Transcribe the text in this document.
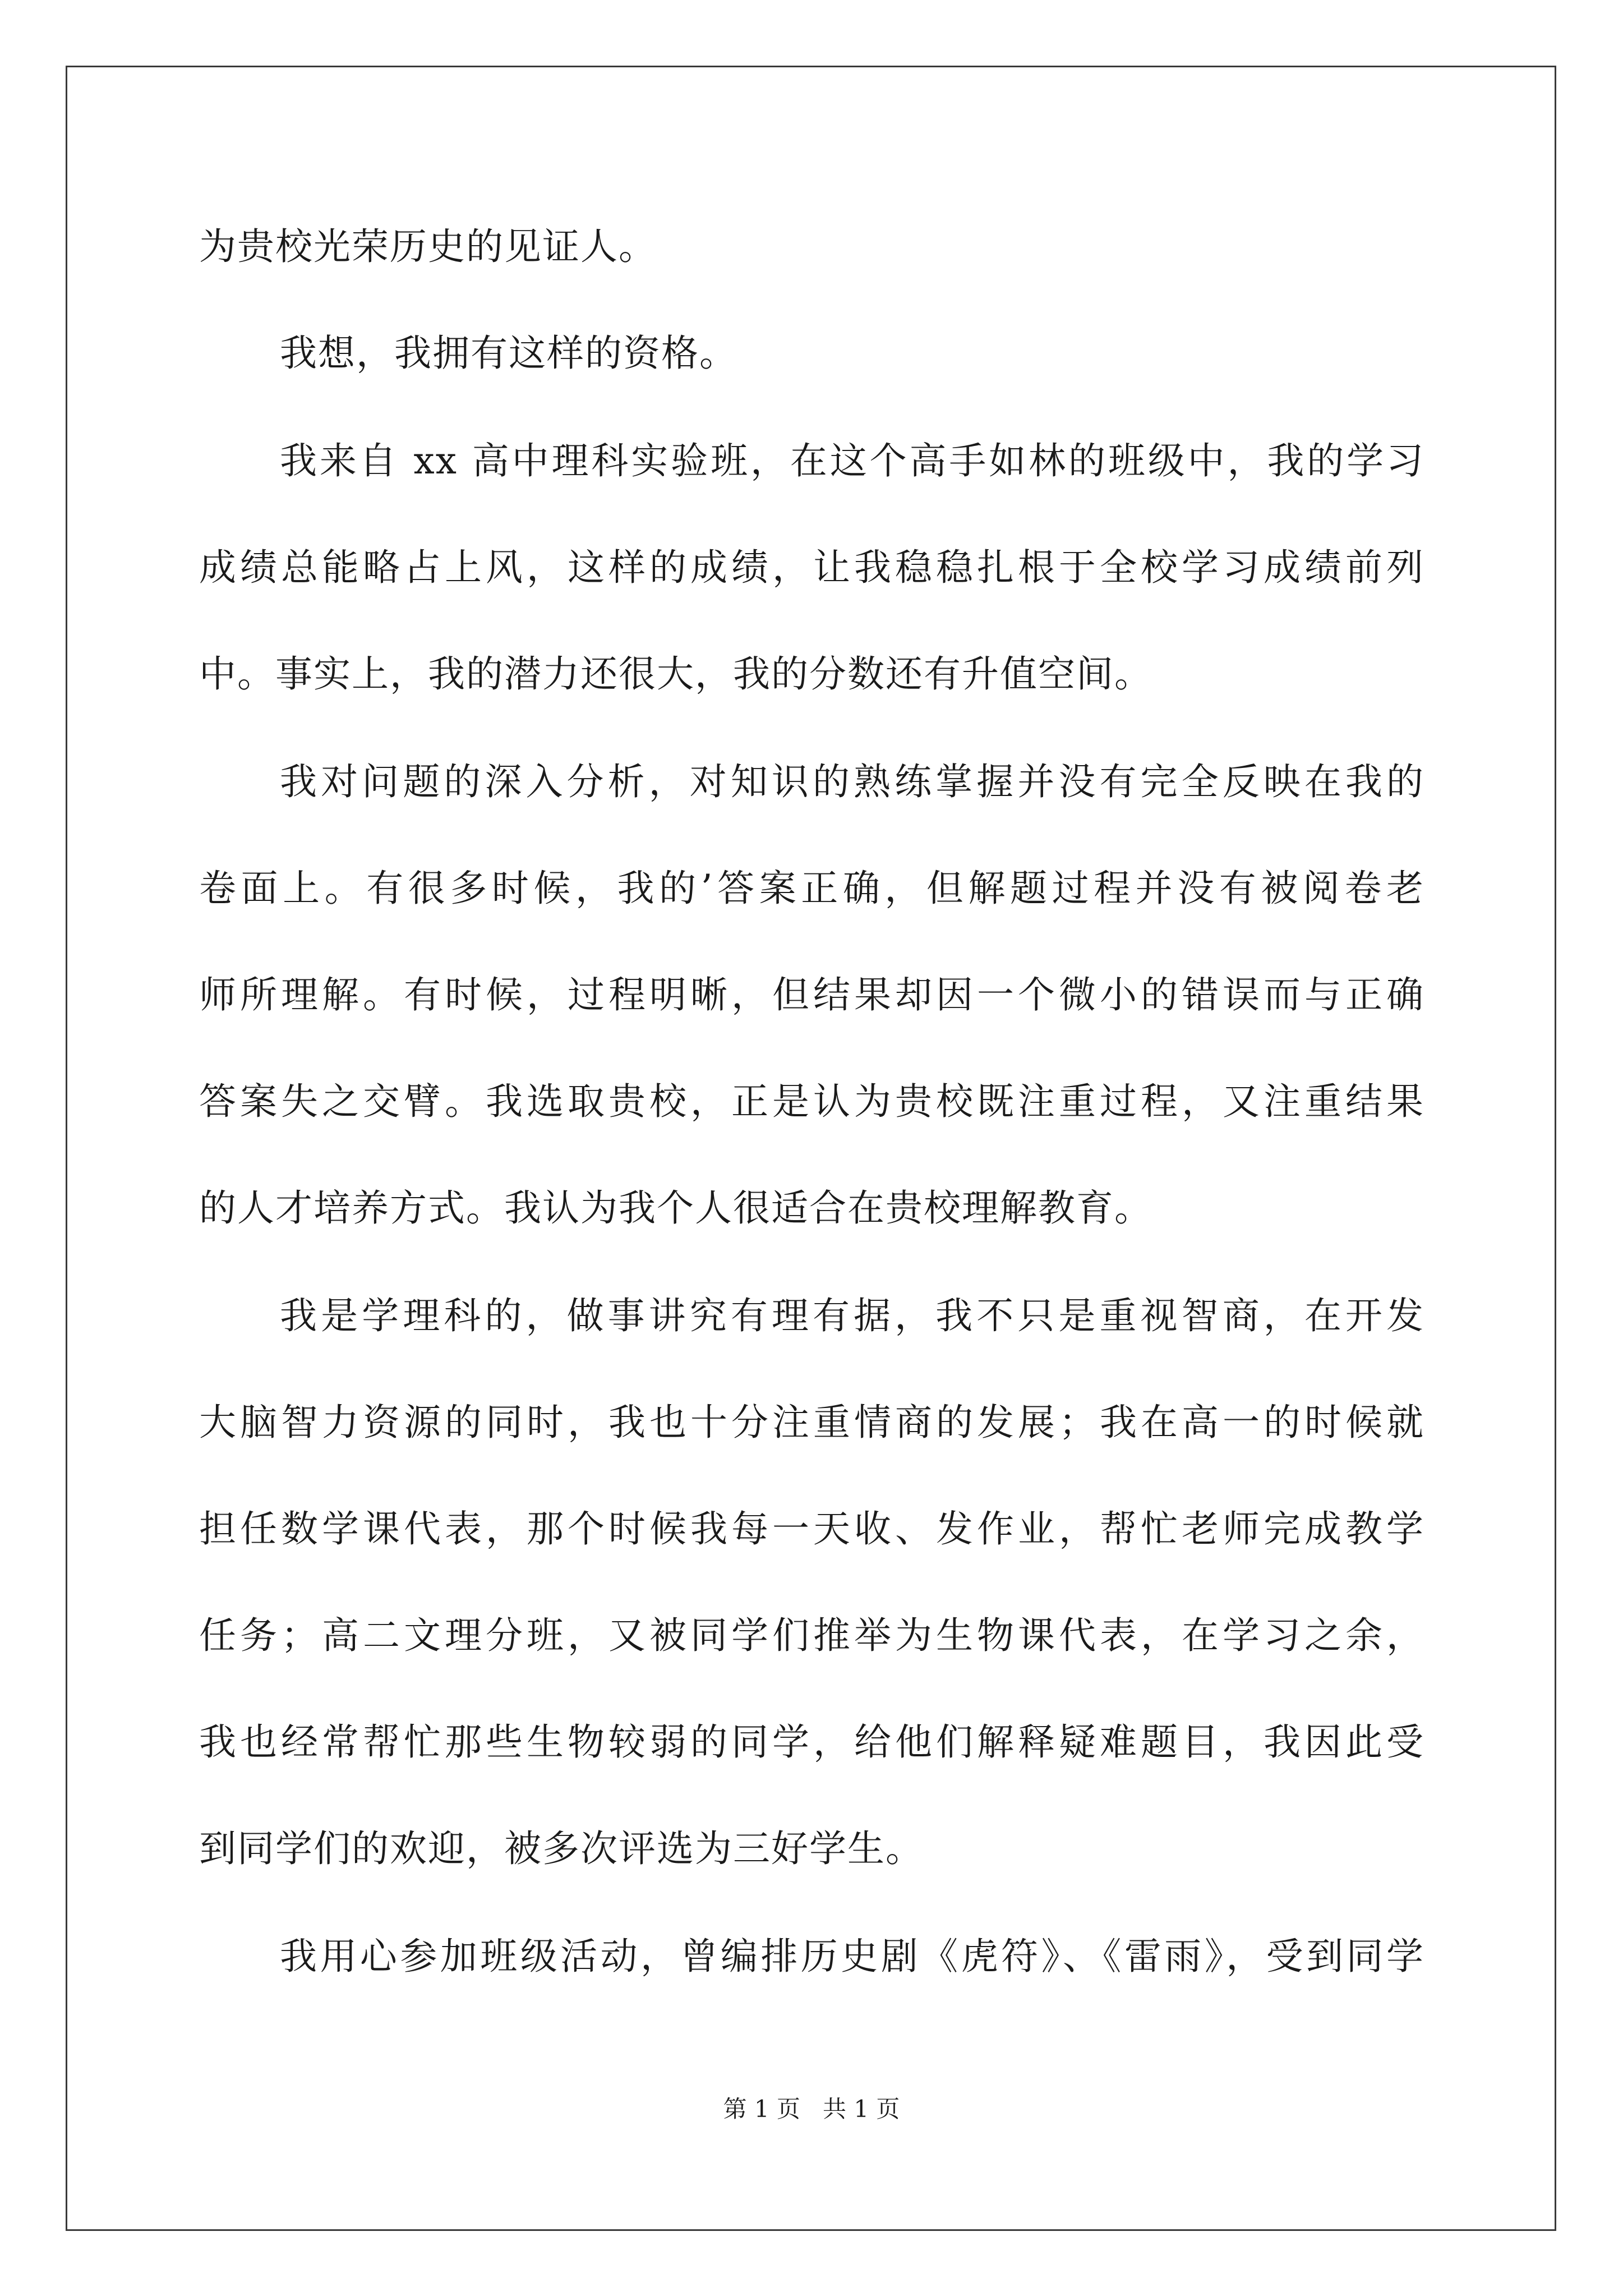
为贵校光荣历史的见证人。
我想，我拥有这样的资格。
我来自 xx 高中理科实验班，在这个高手如林的班级中，我的学习
成绩总能略占上风，这样的成绩，让我稳稳扎根于全校学习成绩前列
中。事实上，我的潜力还很大，我的分数还有升值空间。
我对问题的深入分析，对知识的熟练掌握并没有完全反映在我的
卷面上。有很多时候，我的’答案正确，但解题过程并没有被阅卷老
师所理解。有时候，过程明晰，但结果却因一个微小的错误而与正确
答案失之交臂。我选取贵校，正是认为贵校既注重过程，又注重结果
的人才培养方式。我认为我个人很适合在贵校理解教育。
我是学理科的，做事讲究有理有据，我不只是重视智商，在开发
大脑智力资源的同时，我也十分注重情商的发展；我在高一的时候就
担任数学课代表，那个时候我每一天收、发作业，帮忙老师完成教学
任务；高二文理分班，又被同学们推举为生物课代表，在学习之余，
我也经常帮忙那些生物较弱的同学，给他们解释疑难题目，我因此受
到同学们的欢迎，被多次评选为三好学生。
我用心参加班级活动，曾编排历史剧《虎符》、《雷雨》，受到同学
第 1 页 共 1 页
